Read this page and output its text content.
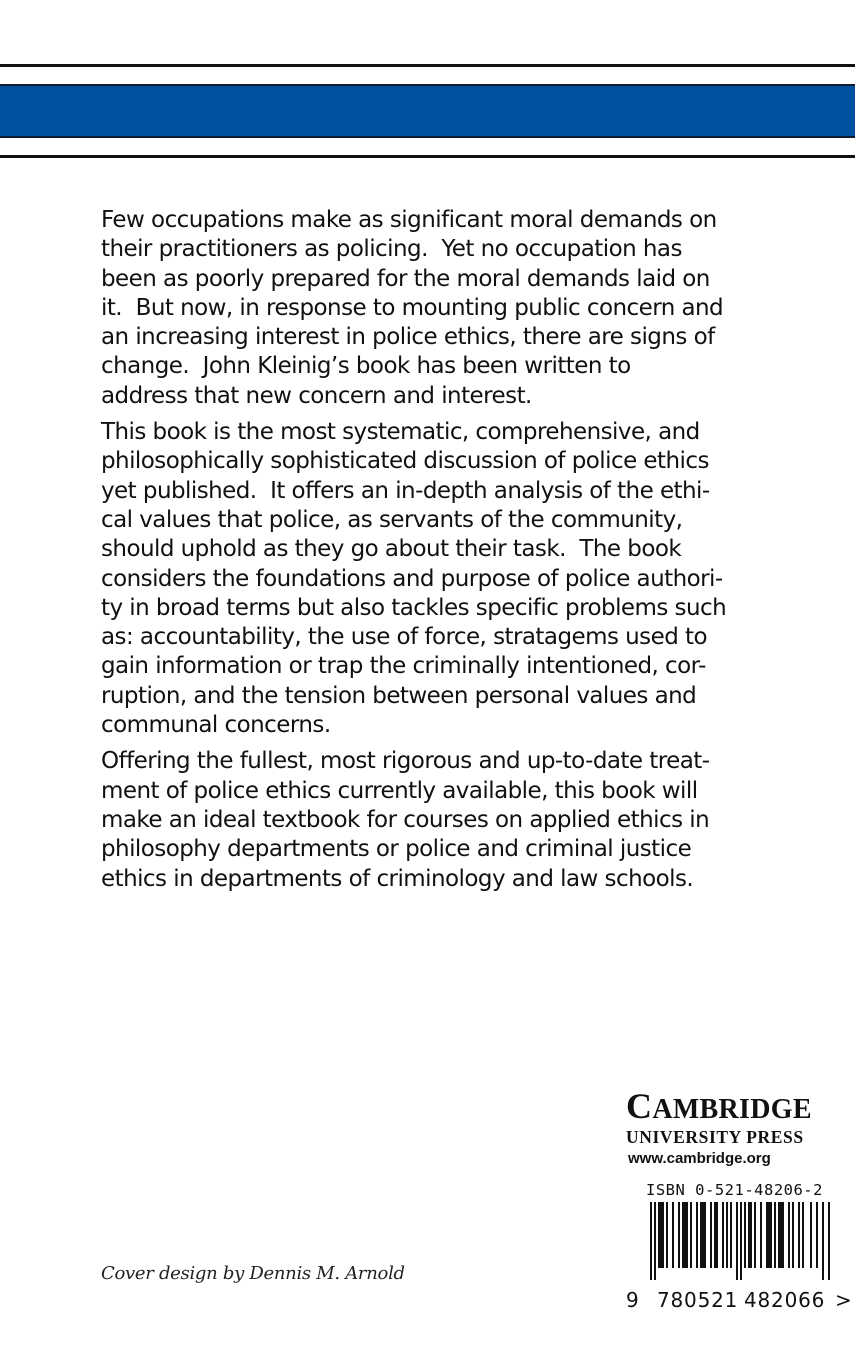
Few occupations make as significant moral demands on
their practitioners as policing.  Yet no occupation has
been as poorly prepared for the moral demands laid on
it.  But now, in response to mounting public concern and
an increasing interest in police ethics, there are signs of
change.  John Kleinig’s book has been written to
address that new concern and interest.

This book is the most systematic, comprehensive, and
philosophically sophisticated discussion of police ethics
yet published.  It offers an in-depth analysis of the ethi-
cal values that police, as servants of the community,
should uphold as they go about their task.  The book
considers the foundations and purpose of police authori-
ty in broad terms but also tackles specific problems such
as: accountability, the use of force, stratagems used to
gain information or trap the criminally intentioned, cor-
ruption, and the tension between personal values and
communal concerns.

Offering the fullest, most rigorous and up-to-date treat-
ment of police ethics currently available, this book will
make an ideal textbook for courses on applied ethics in
philosophy departments or police and criminal justice
ethics in departments of criminology and law schools.

Cover design by Dennis M. Arnold
CAMBRIDGE
UNIVERSITY PRESS
www.cambridge.org
ISBN 0-521-48206-2
9 780521 482066 >
